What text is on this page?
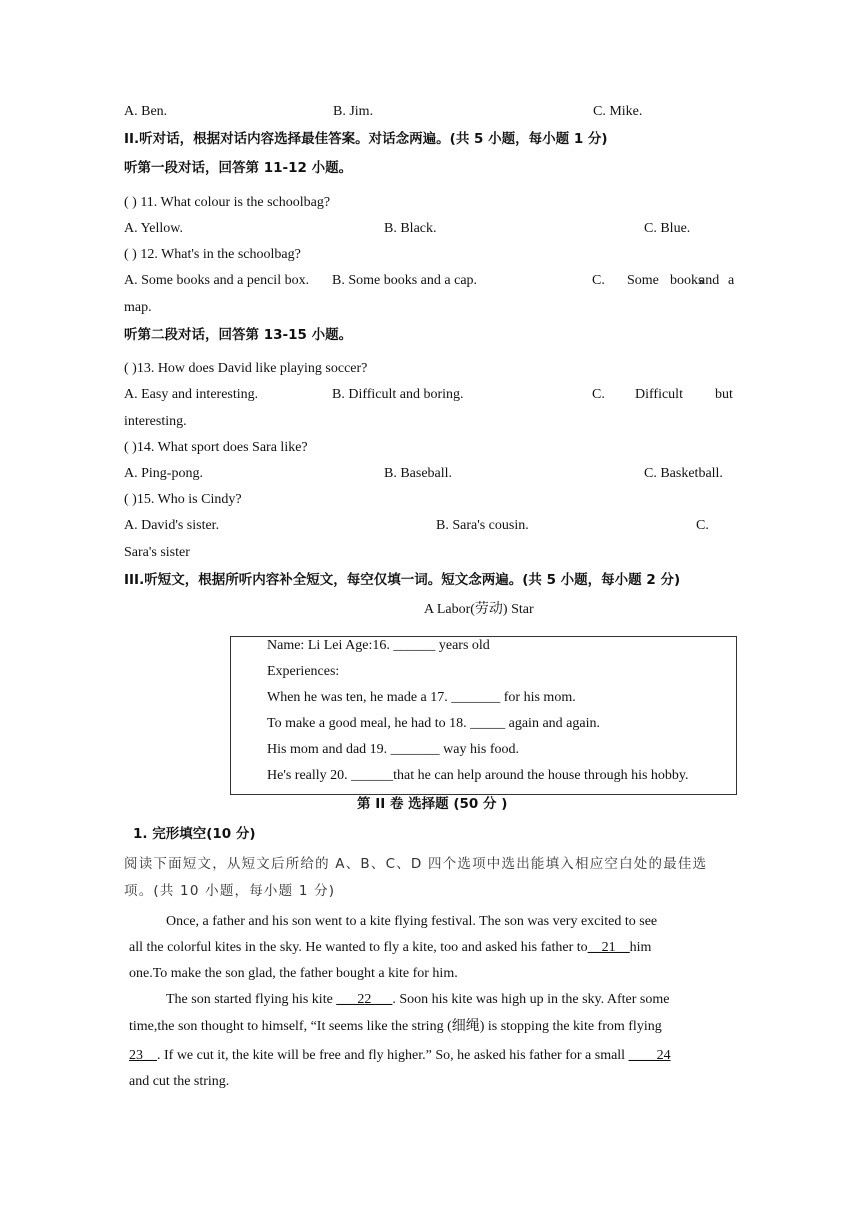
A. Ben.	B. Jim.	C. Mike.
II.听对话，根据对话内容选择最佳答案。对话念两遍。(共 5 小题，每小题 1 分)
听第一段对话，回答第 11-12 小题。
( ) 11. What colour is the schoolbag?
A. Yellow.	B. Black.	C. Blue.
( ) 12. What's in the schoolbag?
A. Some books and a pencil box. B. Some books and a cap.	C. Some books
and a
map.
听第二段对话，回答第 13-15 小题。
( )13. How does David like playing soccer?
A. Easy and interesting.	B. Difficult and boring.	C. Difficult but
interesting.
( )14. What sport does Sara like?
A. Ping-pong.	B. Baseball.	C. Basketball.
( )15. Who is Cindy?
A. David's sister.	B. Sara's cousin.	C.
Sara's sister
III.听短文，根据所听内容补全短文，每空仅填一词。短文念两遍。(共 5 小题，每小题 2 分)
A Labor(劳动) Star
Name: Li Lei Age:16. ______ years old
Experiences:
When he was ten, he made a 17. _______ for his mom.
To make a good meal, he had to 18. _____ again and again.
His mom and dad 19. _______ way his food.
He's really 20. ______that he can help around the house through his hobby.
第 II 卷 选择题 (50 分 )
1. 完形填空(10 分)
阅读下面短文，从短文后所给的 A、B、C、D 四个选项中选出能填入相应空白处的最佳选
项。(共 10 小题，每小题 1 分)
Once, a father and his son went to a kite flying festival. The son was very excited to see
all the colorful kites in the sky. He wanted to fly a kite, too and asked his father to__21__him
one.To make the son glad, the father bought a kite for him.
The son started flying his kite ___22___. Soon his kite was high up in the sky. After some
time,the son thought to himself, “It seems like the string (细绳) is stopping the kite from flying
23__. If we cut it, the kite will be free and fly higher.” So, he asked his father for a small ____24
and cut the string.
